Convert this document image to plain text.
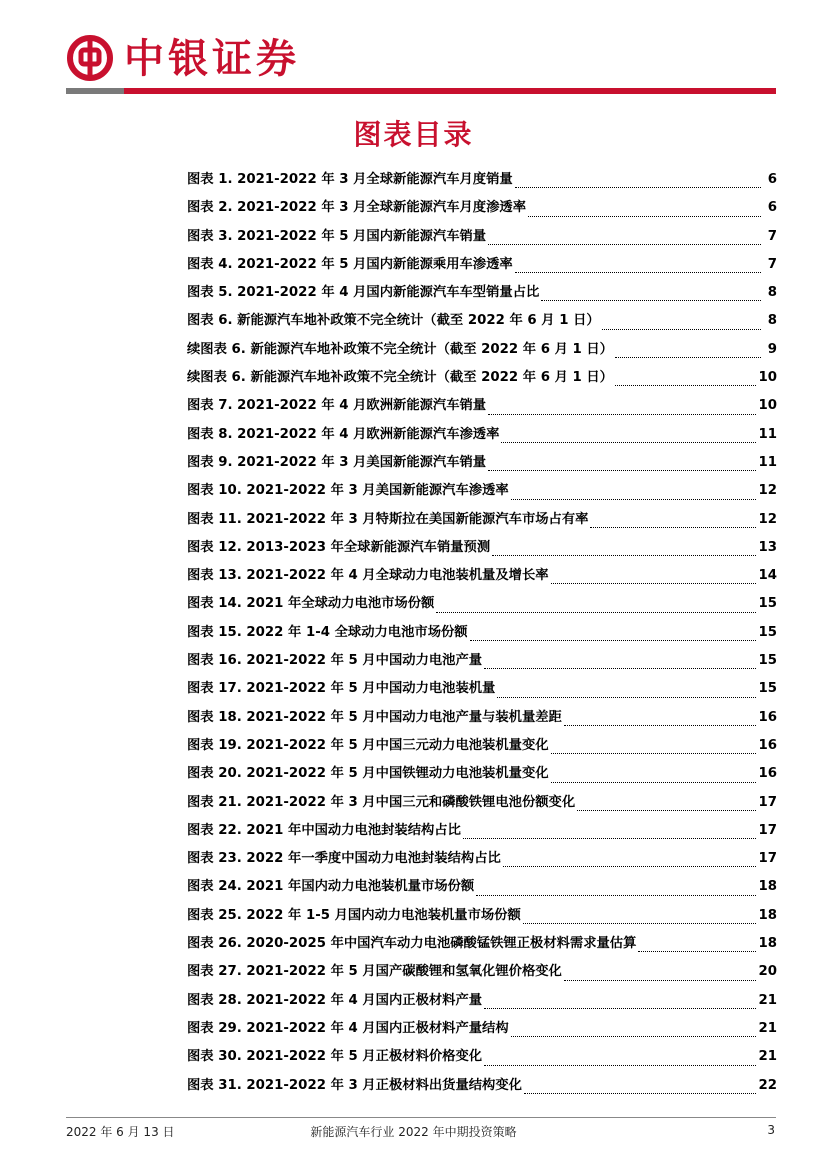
中银证券
图表目录
图表 1. 2021-2022 年 3 月全球新能源汽车月度销量	6
图表 2. 2021-2022 年 3 月全球新能源汽车月度渗透率	6
图表 3. 2021-2022 年 5 月国内新能源汽车销量	7
图表 4. 2021-2022 年 5 月国内新能源乘用车渗透率	7
图表 5. 2021-2022 年 4 月国内新能源汽车车型销量占比	8
图表 6. 新能源汽车地补政策不完全统计（截至 2022 年 6 月 1 日）	8
续图表 6. 新能源汽车地补政策不完全统计（截至 2022 年 6 月 1 日）	9
续图表 6. 新能源汽车地补政策不完全统计（截至 2022 年 6 月 1 日）	10
图表 7. 2021-2022 年 4 月欧洲新能源汽车销量	10
图表 8. 2021-2022 年 4 月欧洲新能源汽车渗透率	11
图表 9. 2021-2022 年 3 月美国新能源汽车销量	11
图表 10. 2021-2022 年 3 月美国新能源汽车渗透率	12
图表 11. 2021-2022 年 3 月特斯拉在美国新能源汽车市场占有率	12
图表 12. 2013-2023 年全球新能源汽车销量预测	13
图表 13. 2021-2022 年 4 月全球动力电池装机量及增长率	14
图表 14. 2021 年全球动力电池市场份额	15
图表 15. 2022 年 1-4 全球动力电池市场份额	15
图表 16. 2021-2022 年 5 月中国动力电池产量	15
图表 17. 2021-2022 年 5 月中国动力电池装机量	15
图表 18. 2021-2022 年 5 月中国动力电池产量与装机量差距	16
图表 19. 2021-2022 年 5 月中国三元动力电池装机量变化	16
图表 20. 2021-2022 年 5 月中国铁锂动力电池装机量变化	16
图表 21. 2021-2022 年 3 月中国三元和磷酸铁锂电池份额变化	17
图表 22. 2021 年中国动力电池封装结构占比	17
图表 23. 2022 年一季度中国动力电池封装结构占比	17
图表 24. 2021 年国内动力电池装机量市场份额	18
图表 25. 2022 年 1-5 月国内动力电池装机量市场份额	18
图表 26. 2020-2025 年中国汽车动力电池磷酸锰铁锂正极材料需求量估算	18
图表 27. 2021-2022 年 5 月国产碳酸锂和氢氧化锂价格变化	20
图表 28. 2021-2022 年 4 月国内正极材料产量	21
图表 29. 2021-2022 年 4 月国内正极材料产量结构	21
图表 30. 2021-2022 年 5 月正极材料价格变化	21
图表 31. 2021-2022 年 3 月正极材料出货量结构变化	22
2022 年 6 月 13 日	新能源汽车行业 2022 年中期投资策略	3
